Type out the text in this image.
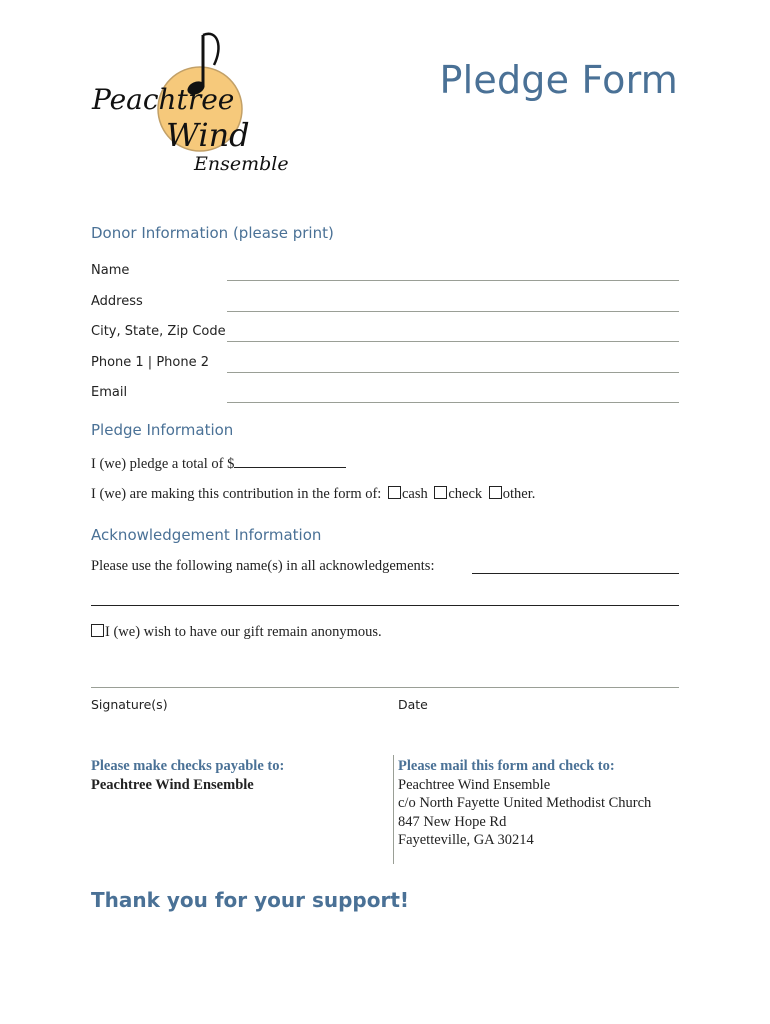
Peachtree
Wind
Ensemble
Pledge Form
Donor Information (please print)
Name
Address
City, State, Zip Code
Phone 1 | Phone 2
Email
Pledge Information
I (we) pledge a total of $
I (we) are making this contribution in the form of: cash check other.
Acknowledgement Information
Please use the following name(s) in all acknowledgements:
I (we) wish to have our gift remain anonymous.
Signature(s)	Date
Please make checks payable to:
Peachtree Wind Ensemble
Please mail this form and check to:
Peachtree Wind Ensemble
c/o North Fayette United Methodist Church
847 New Hope Rd
Fayetteville, GA 30214
Thank you for your support!
